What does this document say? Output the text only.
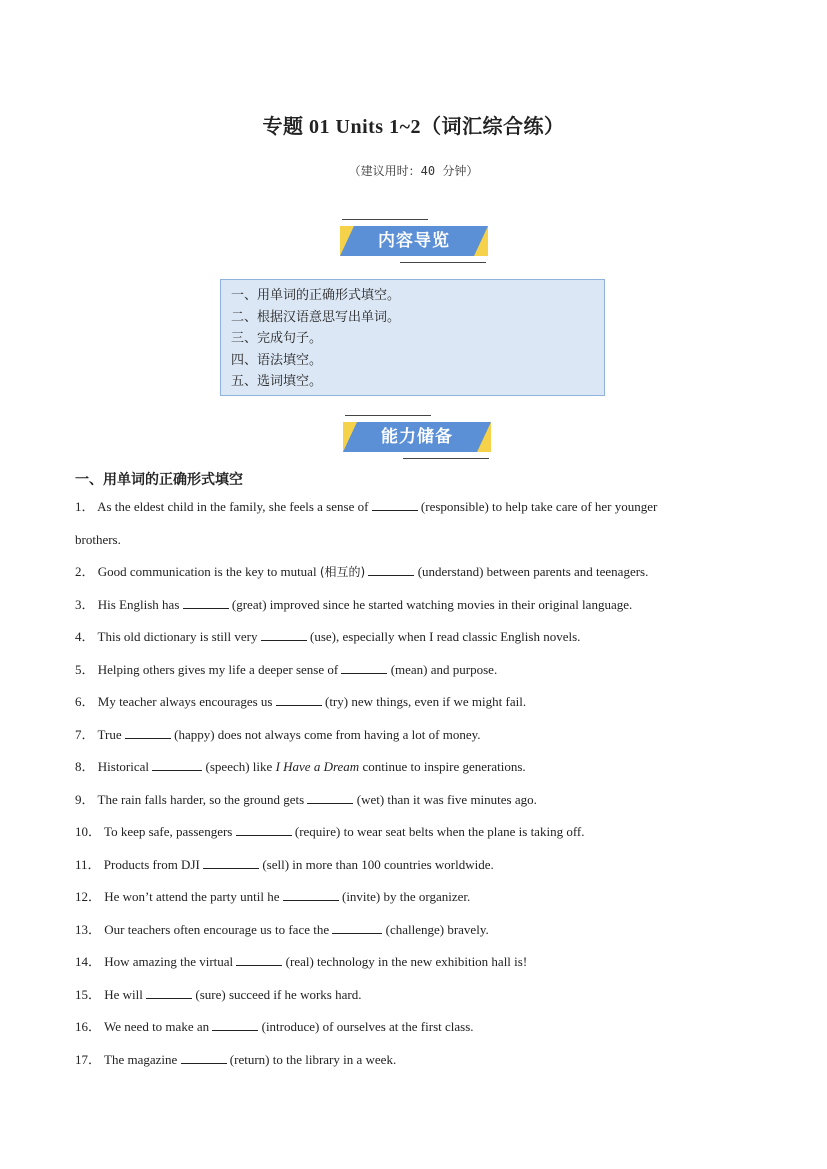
专题 01 Units 1~2（词汇综合练）
（建议用时：40 分钟）
内容导览
一、用单词的正确形式填空。
二、根据汉语意思写出单词。
三、完成句子。
四、语法填空。
五、选词填空。
能力储备
一、用单词的正确形式填空
1． As the eldest child in the family, she feels a sense of	(responsible) to help take care of her younger
brothers.
2． Good communication is the key to mutual (相互的)	(understand) between parents and teenagers.
3． His English has	(great) improved since he started watching movies in their original language.
4． This old dictionary is still very	(use), especially when I read classic English novels.
5． Helping others gives my life a deeper sense of	(mean) and purpose.
6． My teacher always encourages us	(try) new things, even if we might fail.
7． True	(happy) does not always come from having a lot of money.
8． Historical	(speech) like I Have a Dream continue to inspire generations.
9． The rain falls harder, so the ground gets	(wet) than it was five minutes ago.
10． To keep safe, passengers	(require) to wear seat belts when the plane is taking off.
11． Products from DJI	(sell) in more than 100 countries worldwide.
12． He won’t attend the party until he	(invite) by the organizer.
13． Our teachers often encourage us to face the	(challenge) bravely.
14． How amazing the virtual	(real) technology in the new exhibition hall is!
15． He will	(sure) succeed if he works hard.
16． We need to make an	(introduce) of ourselves at the first class.
17． The magazine	(return) to the library in a week.
